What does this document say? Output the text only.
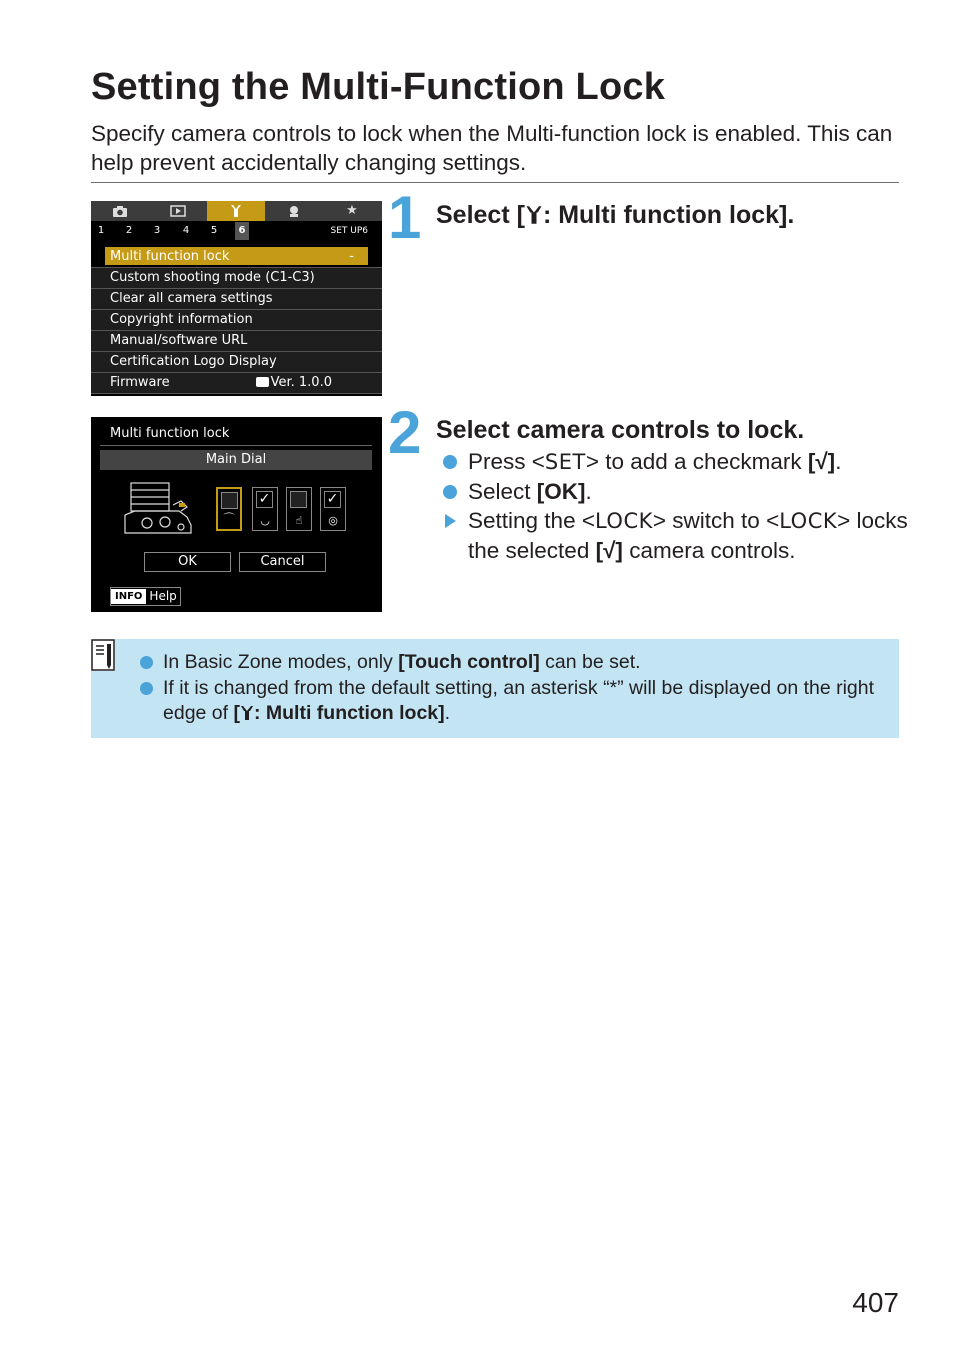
Setting the Multi-Function Lock

Specify camera controls to lock when the Multi-function lock is enabled. This can help prevent accidentally changing settings.

★
1	2	3	4	5	6	SET UP6
Multi function lock	-
Custom shooting mode (C1-C3)
Clear all camera settings
Copyright information
Manual/software URL
Certification Logo Display
Firmware	Ver. 1.0.0
Multi function lock
Main Dial
⌒
✓
◡	☝
✓
◎
OK	Cancel
INFO Help
1 Select [ : Multi function lock].
2 Select camera controls to lock.
Press <SET> to add a checkmark [√].
Select [OK].
Setting the <LOCK> switch to <LOCK> locks the selected [√] camera controls.
In Basic Zone modes, only [Touch control] can be set.
If it is changed from the default setting, an asterisk “*” will be displayed on the right edge of [ : Multi function lock].
407
